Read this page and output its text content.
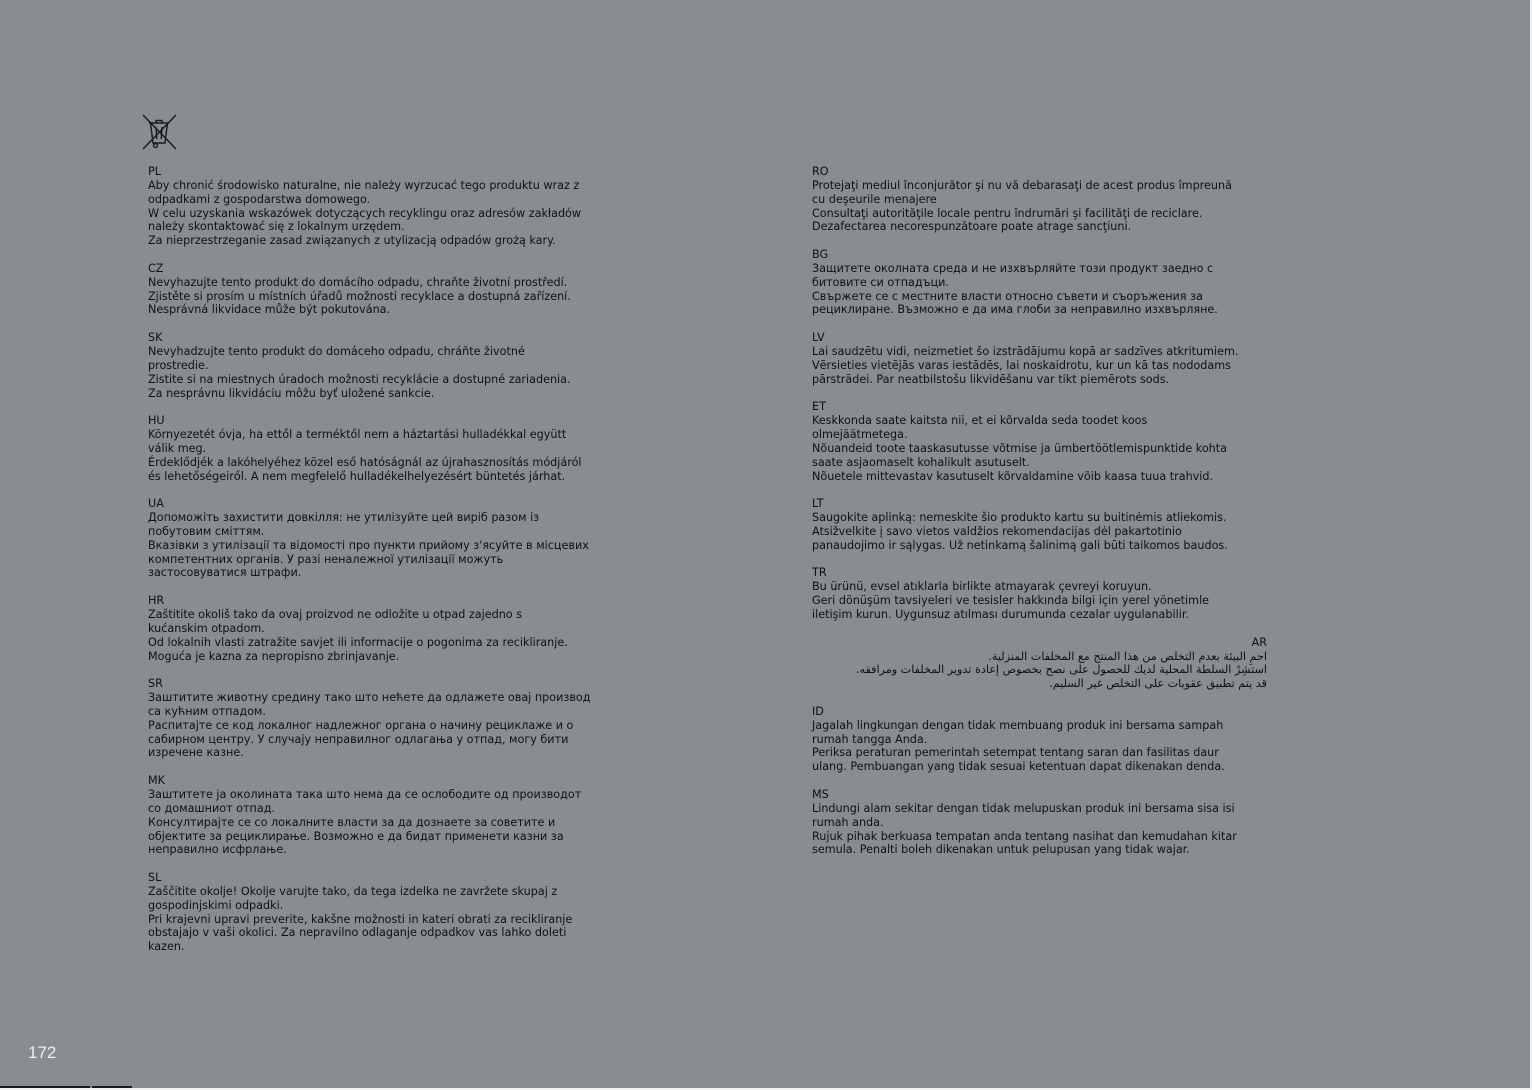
PL
Aby chronić środowisko naturalne, nie należy wyrzucać tego produktu wraz z
odpadkami z gospodarstwa domowego.
W celu uzyskania wskazówek dotyczących recyklingu oraz adresów zakładów
należy skontaktować się z lokalnym urzędem.
Za nieprzestrzeganie zasad związanych z utylizacją odpadów grożą kary.
CZ
Nevyhazujte tento produkt do domácího odpadu, chraňte životní prostředí.
Zjistěte si prosím u místních úřadů možnosti recyklace a dostupná zařízení.
Nesprávná likvidace může být pokutována.
SK
Nevyhadzujte tento produkt do domáceho odpadu, chráňte životné
prostredie.
Zistite si na miestnych úradoch možnosti recyklácie a dostupné zariadenia.
Za nesprávnu likvidáciu môžu byť uložené sankcie.
HU
Környezetét óvja, ha ettől a terméktől nem a háztartási hulladékkal együtt
válik meg.
Érdeklődjék a lakóhelyéhez közel eső hatóságnál az újrahasznosítás módjáról
és lehetőségeiről. A nem megfelelő hulladékelhelyezésért büntetés járhat.
UA
Допоможіть захистити довкілля: не утилізуйте цей виріб разом із
побутовим сміттям.
Вказівки з утилізації та відомості про пункти прийому з'ясуйте в місцевих
компетентних органів. У разі неналежної утилізації можуть
застосовуватися штрафи.
HR
Zaštitite okoliš tako da ovaj proizvod ne odložite u otpad zajedno s
kućanskim otpadom.
Od lokalnih vlasti zatražite savjet ili informacije o pogonima za recikliranje.
Moguća je kazna za nepropisno zbrinjavanje.
SR
Заштитите животну средину тако што нећете да одлажете овај производ
са кућним отпадом.
Распитајте се код локалног надлежног органа о начину рециклаже и о
сабирном центру. У случају неправилног одлагања у отпад, могу бити
изречене казне.
MK
Заштитете ја околината така што нема да се ослободите од производот
со домашниот отпад.
Консултирајте се со локалните власти за да дознаете за советите и
објектите за рециклирање. Возможно е да бидат применети казни за
неправилно исфрлање.
SL
Zaščitite okolje! Okolje varujte tako, da tega izdelka ne zavržete skupaj z
gospodinjskimi odpadki.
Pri krajevni upravi preverite, kakšne možnosti in kateri obrati za recikliranje
obstajajo v vaši okolici. Za nepravilno odlaganje odpadkov vas lahko doleti
kazen.
RO
Protejaţi mediul înconjurător şi nu vă debarasaţi de acest produs împreună
cu deşeurile menajere
Consultaţi autorităţile locale pentru îndrumări şi facilităţi de reciclare.
Dezafectarea necorespunzătoare poate atrage sancţiuni.
BG
Защитете околната среда и не изхвърляйте този продукт заедно с
битовите си отпадъци.
Свържете се с местните власти относно съвети и съоръжения за
рециклиране. Възможно е да има глоби за неправилно изхвърляне.
LV
Lai saudzētu vidi, neizmetiet šo izstrādājumu kopā ar sadzīves atkritumiem.
Vērsieties vietējās varas iestādēs, lai noskaidrotu, kur un kā tas nododams
pārstrādei. Par neatbilstošu likvidēšanu var tikt piemērots sods.
ET
Keskkonda saate kaitsta nii, et ei kõrvalda seda toodet koos
olmejäätmetega.
Nõuandeid toote taaskasutusse võtmise ja ümbertöötlemispunktide kohta
saate asjaomaselt kohalikult asutuselt.
Nõuetele mittevastav kasutuselt kõrvaldamine võib kaasa tuua trahvid.
LT
Saugokite aplinką: nemeskite šio produkto kartu su buitinėmis atliekomis.
Atsižvelkite į savo vietos valdžios rekomendacijas dėl pakartotinio
panaudojimo ir sąlygas. Už netinkamą šalinimą gali būti taikomos baudos.
TR
Bu ürünü, evsel atıklarla birlikte atmayarak çevreyi koruyun.
Geri dönüşüm tavsiyeleri ve tesisler hakkında bilgi için yerel yönetimle
iletişim kurun. Uygunsuz atılması durumunda cezalar uygulanabilir.
AR
احمِ البيئة بعدم التخلص من هذا المنتج مع المخلفات المنزلية.
استشِرْ السلطة المحلية لديك للحصول على نصح بخصوص إعادة تدوير المخلفات ومرافقه.
قد يتم تطبيق عقوبات على التخلص غير السليم.
ID
Jagalah lingkungan dengan tidak membuang produk ini bersama sampah
rumah tangga Anda.
Periksa peraturan pemerintah setempat tentang saran dan fasilitas daur
ulang. Pembuangan yang tidak sesuai ketentuan dapat dikenakan denda.
MS
Lindungi alam sekitar dengan tidak melupuskan produk ini bersama sisa isi
rumah anda.
Rujuk pihak berkuasa tempatan anda tentang nasihat dan kemudahan kitar
semula. Penalti boleh dikenakan untuk pelupusan yang tidak wajar.
172
